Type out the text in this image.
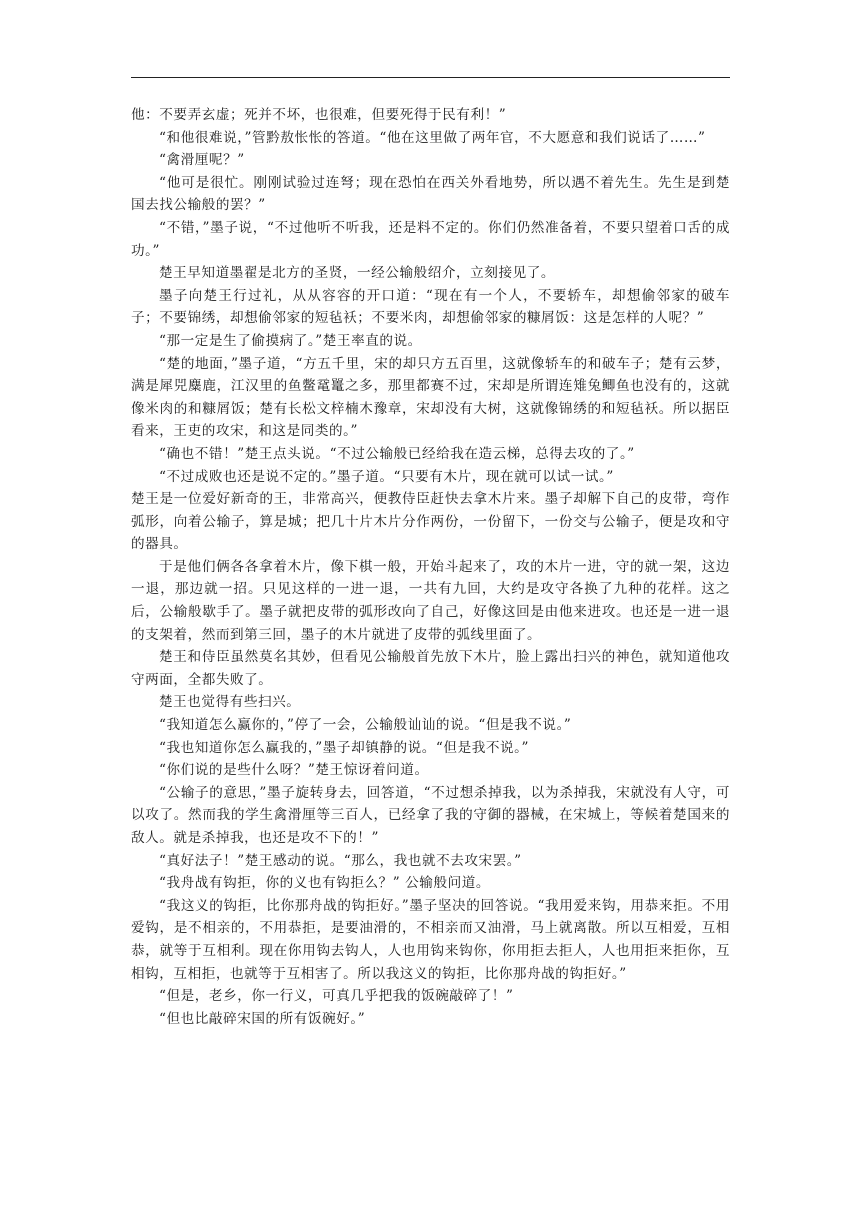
他：不要弄玄虚；死并不坏，也很难，但要死得于民有利！”

“和他很难说，”管黔敖怅怅的答道。“他在这里做了两年官，不大愿意和我们说话了……”

“禽滑厘呢？”

“他可是很忙。刚刚试验过连弩；现在恐怕在西关外看地势，所以遇不着先生。先生是到楚国去找公输般的罢？”

“不错，”墨子说，“不过他听不听我，还是料不定的。你们仍然准备着，不要只望着口舌的成功。”

楚王早知道墨翟是北方的圣贤，一经公输般绍介，立刻接见了。

墨子向楚王行过礼，从从容容的开口道：“现在有一个人，不要轿车，却想偷邻家的破车子；不要锦绣，却想偷邻家的短毡袄；不要米肉，却想偷邻家的糠屑饭：这是怎样的人呢？”

“那一定是生了偷摸病了。”楚王率直的说。

“楚的地面，”墨子道，“方五千里，宋的却只方五百里，这就像轿车的和破车子；楚有云梦，满是犀兕麋鹿，江汉里的鱼鳖鼋鼍之多，那里都赛不过，宋却是所谓连雉兔鲫鱼也没有的，这就像米肉的和糠屑饭；楚有长松文梓楠木豫章，宋却没有大树，这就像锦绣的和短毡袄。所以据臣看来，王吏的攻宋，和这是同类的。”

“确也不错！”楚王点头说。“不过公输般已经给我在造云梯，总得去攻的了。”

“不过成败也还是说不定的。”墨子道。“只要有木片，现在就可以试一试。”

楚王是一位爱好新奇的王，非常高兴，便教侍臣赶快去拿木片来。墨子却解下自己的皮带，弯作弧形，向着公输子，算是城；把几十片木片分作两份，一份留下，一份交与公输子，便是攻和守的器具。

于是他们俩各各拿着木片，像下棋一般，开始斗起来了，攻的木片一进，守的就一架，这边一退，那边就一招。只见这样的一进一退，一共有九回，大约是攻守各换了九种的花样。这之后，公输般歇手了。墨子就把皮带的弧形改向了自己，好像这回是由他来进攻。也还是一进一退的支架着，然而到第三回，墨子的木片就进了皮带的弧线里面了。

楚王和侍臣虽然莫名其妙，但看见公输般首先放下木片，脸上露出扫兴的神色，就知道他攻守两面，全都失败了。

楚王也觉得有些扫兴。

“我知道怎么赢你的，”停了一会，公输般讪讪的说。“但是我不说。”

“我也知道你怎么赢我的，”墨子却镇静的说。“但是我不说。”

“你们说的是些什么呀？”楚王惊讶着问道。

“公输子的意思，”墨子旋转身去，回答道，“不过想杀掉我，以为杀掉我，宋就没有人守，可以攻了。然而我的学生禽滑厘等三百人，已经拿了我的守御的器械，在宋城上，等候着楚国来的敌人。就是杀掉我，也还是攻不下的！”

“真好法子！”楚王感动的说。“那么，我也就不去攻宋罢。”

“我舟战有钩拒，你的义也有钩拒么？” 公输般问道。

“我这义的钩拒，比你那舟战的钩拒好。”墨子坚决的回答说。“我用爱来钩，用恭来拒。不用爱钩，是不相亲的，不用恭拒，是要油滑的，不相亲而又油滑，马上就离散。所以互相爱，互相恭，就等于互相利。现在你用钩去钩人，人也用钩来钩你，你用拒去拒人，人也用拒来拒你，互相钩，互相拒，也就等于互相害了。所以我这义的钩拒，比你那舟战的钩拒好。”

“但是，老乡，你一行义，可真几乎把我的饭碗敲碎了！”

“但也比敲碎宋国的所有饭碗好。”
